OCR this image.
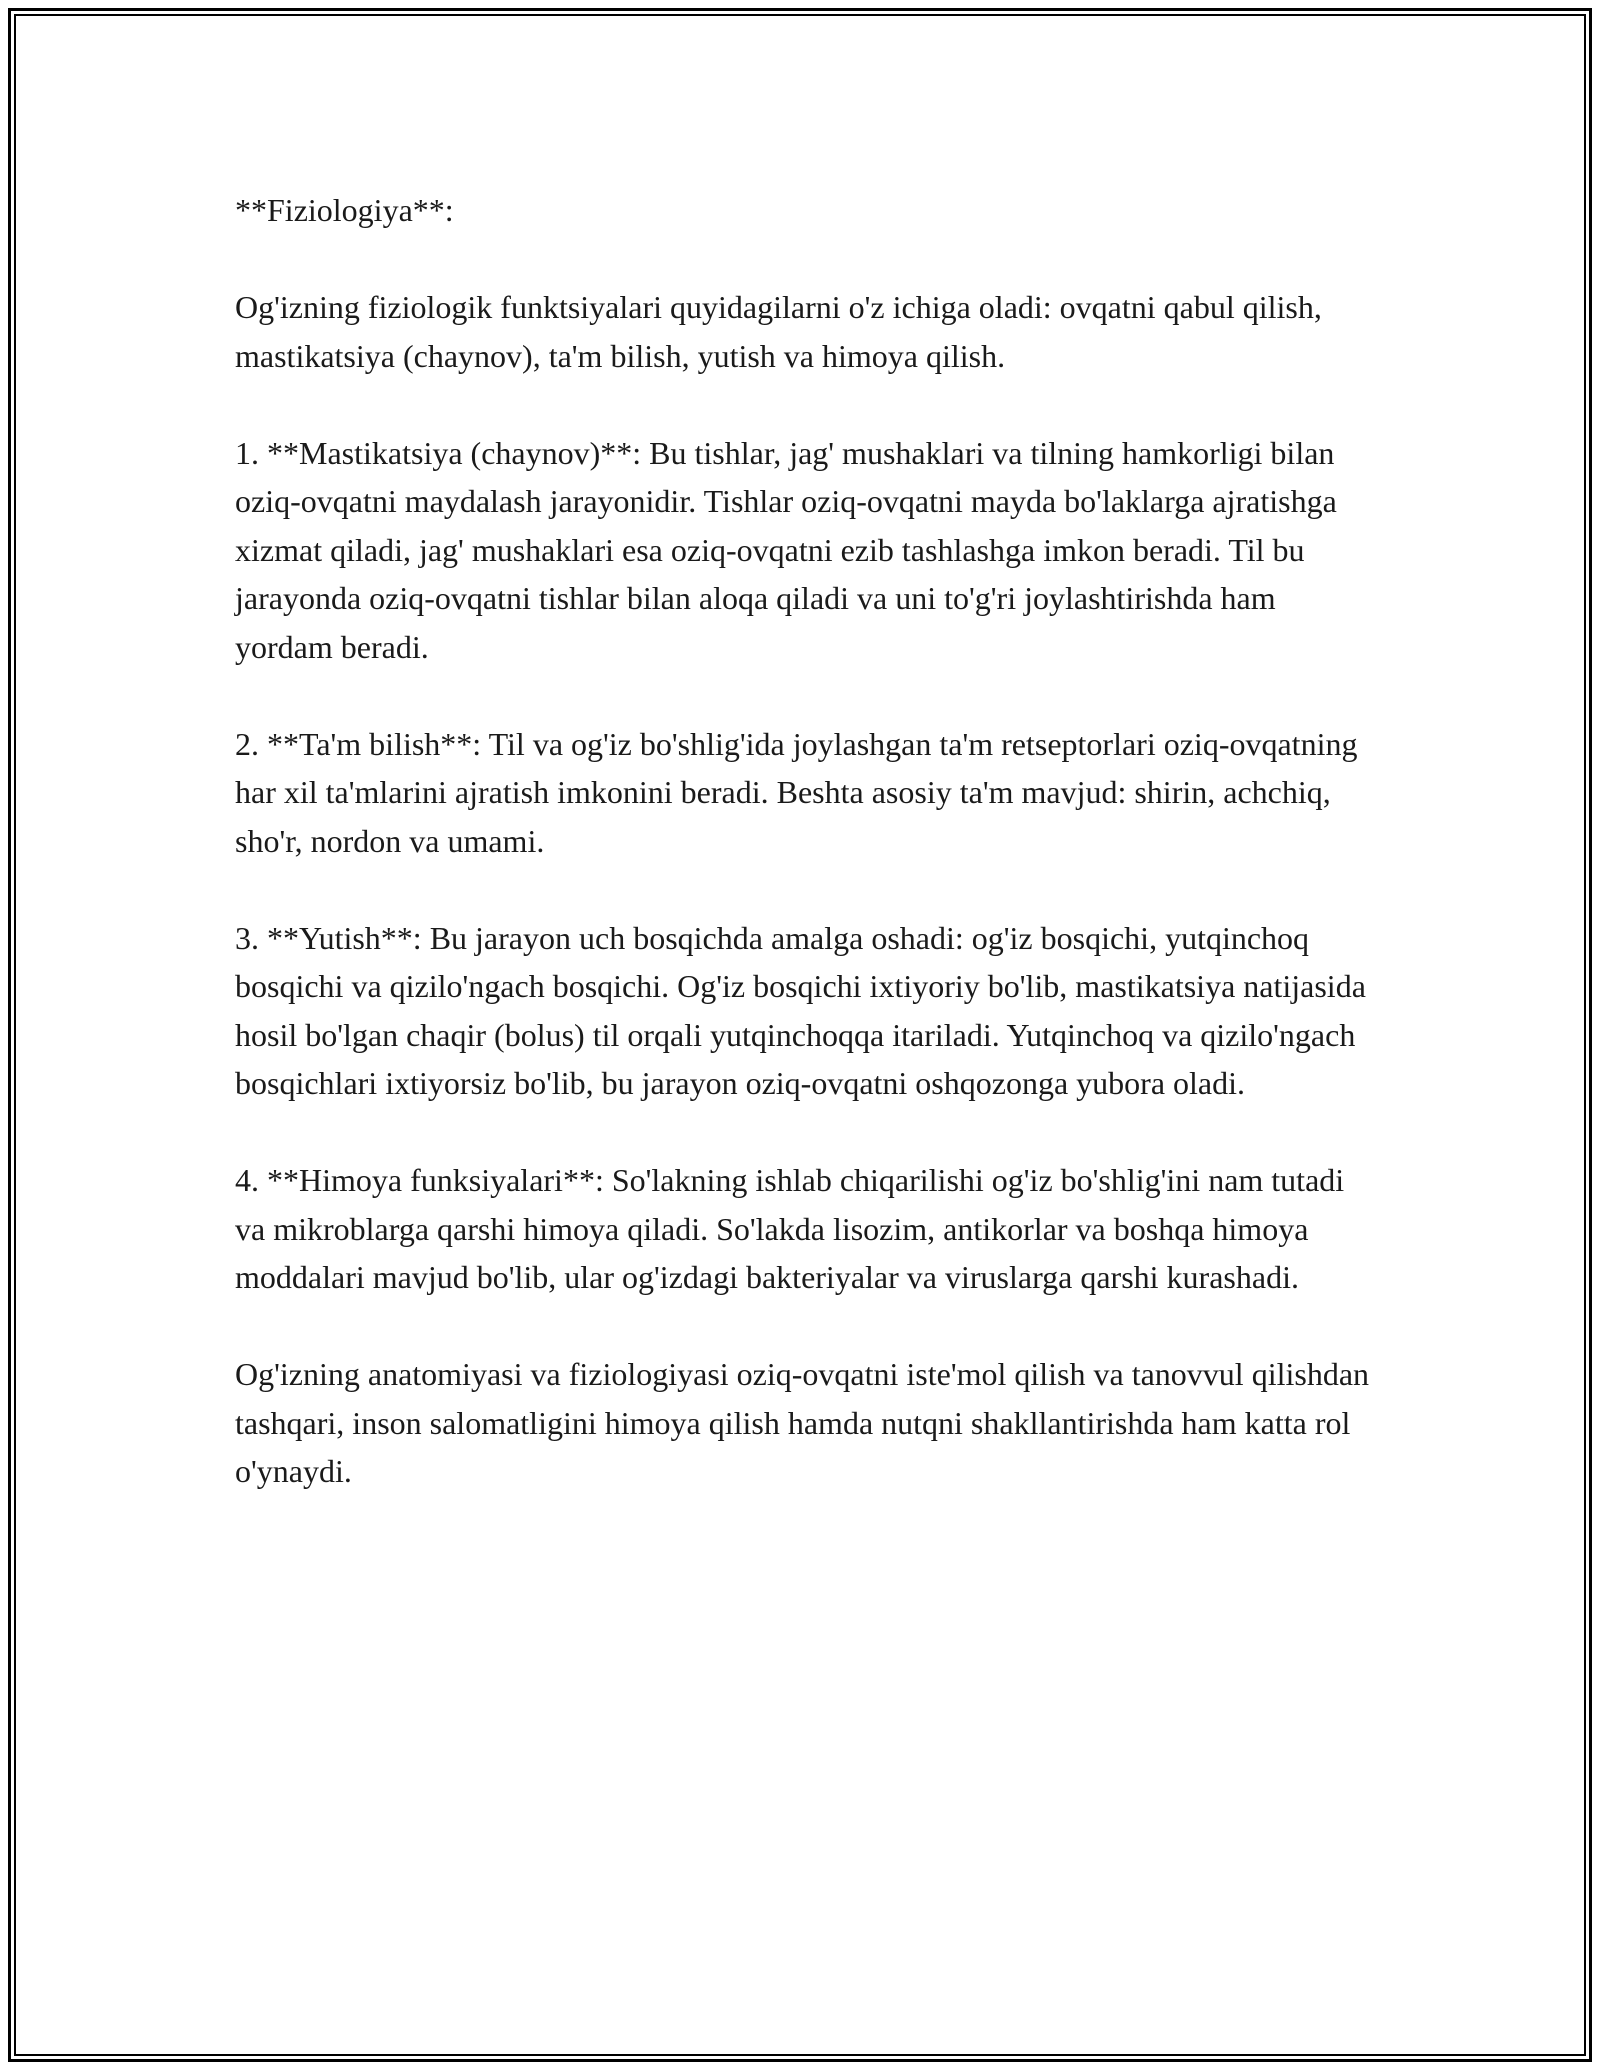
**Fiziologiya**:

Og'izning fiziologik funktsiyalari quyidagilarni o'z ichiga oladi: ovqatni qabul qilish, mastikatsiya (chaynov), ta'm bilish, yutish va himoya qilish.

1. **Mastikatsiya (chaynov)**: Bu tishlar, jag' mushaklari va tilning hamkorligi bilan oziq-ovqatni maydalash jarayonidir. Tishlar oziq-ovqatni mayda bo'laklarga ajratishga xizmat qiladi, jag' mushaklari esa oziq-ovqatni ezib tashlashga imkon beradi. Til bu jarayonda oziq-ovqatni tishlar bilan aloqa qiladi va uni to'g'ri joylashtirishda ham yordam beradi.

2. **Ta'm bilish**: Til va og'iz bo'shlig'ida joylashgan ta'm retseptorlari oziq-ovqatning har xil ta'mlarini ajratish imkonini beradi. Beshta asosiy ta'm mavjud: shirin, achchiq, sho'r, nordon va umami.

3. **Yutish**: Bu jarayon uch bosqichda amalga oshadi: og'iz bosqichi, yutqinchoq bosqichi va qizilo'ngach bosqichi. Og'iz bosqichi ixtiyoriy bo'lib, mastikatsiya natijasida hosil bo'lgan chaqir (bolus) til orqali yutqinchoqqa itariladi. Yutqinchoq va qizilo'ngach bosqichlari ixtiyorsiz bo'lib, bu jarayon oziq-ovqatni oshqozonga yubora oladi.

4. **Himoya funksiyalari**: So'lakning ishlab chiqarilishi og'iz bo'shlig'ini nam tutadi va mikroblarga qarshi himoya qiladi. So'lakda lisozim, antikorlar va boshqa himoya moddalari mavjud bo'lib, ular og'izdagi bakteriyalar va viruslarga qarshi kurashadi.

Og'izning anatomiyasi va fiziologiyasi oziq-ovqatni iste'mol qilish va tanovvul qilishdan tashqari, inson salomatligini himoya qilish hamda nutqni shakllantirishda ham katta rol o'ynaydi.
